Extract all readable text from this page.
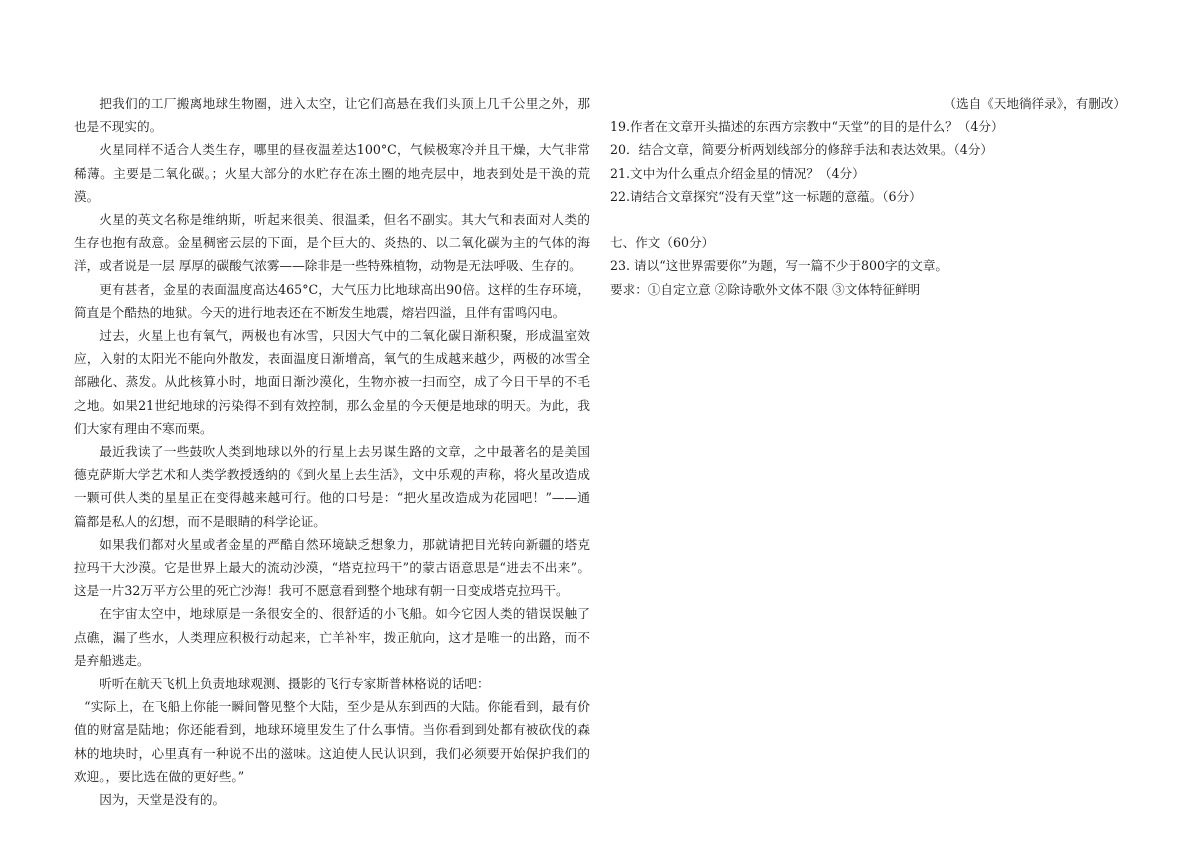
把我们的工厂搬离地球生物圈，进入太空，让它们高悬在我们头顶上几千公里之外，那也是不现实的。

火星同样不适合人类生存，哪里的昼夜温差达100°C，气候极寒冷并且干燥，大气非常稀薄。主要是二氧化碳。；火星大部分的水贮存在冻土圈的地壳层中，地表到处是干涣的荒漠。

火星的英文名称是维纳斯，听起来很美、很温柔，但名不副实。其大气和表面对人类的生存也抱有敌意。金星稠密云层的下面，是个巨大的、炎热的、以二氧化碳为主的气体的海洋，或者说是一层 厚厚的碳酸气浓雾——除非是一些特殊植物，动物是无法呼吸、生存的。

更有甚者，金星的表面温度高达465°C，大气压力比地球高出90倍。这样的生存环境，简直是个酷热的地狱。今天的进行地表还在不断发生地震，熔岩四溢，且伴有雷鸣闪电。

过去，火星上也有氧气，两极也有冰雪，只因大气中的二氧化碳日渐积聚，形成温室效应，入射的太阳光不能向外散发，表面温度日渐增高，氧气的生成越来越少，两极的冰雪全部融化、蒸发。从此核算小时，地面日渐沙漠化，生物亦被一扫而空，成了今日干旱的不毛之地。如果21世纪地球的污染得不到有效控制，那么金星的今天便是地球的明天。为此，我们大家有理由不寒而栗。

最近我读了一些鼓吹人类到地球以外的行星上去另谋生路的文章，之中最著名的是美国德克萨斯大学艺术和人类学教授透纳的《到火星上去生活》，文中乐观的声称，将火星改造成一颗可供人类的星星正在变得越来越可行。他的口号是：“把火星改造成为花园吧！”——通篇都是私人的幻想，而不是眼睛的科学论证。

如果我们都对火星或者金星的严酷自然环境缺乏想象力，那就请把目光转向新疆的塔克拉玛干大沙漠。它是世界上最大的流动沙漠，“塔克拉玛干”的蒙古语意思是“进去不出来”。这是一片32万平方公里的死亡沙海！我可不愿意看到整个地球有朝一日变成塔克拉玛干。

在宇宙太空中，地球原是一条很安全的、很舒适的小飞船。如今它因人类的错误误触了点礁，漏了些水，人类理应积极行动起来，亡羊补牢，拨正航向，这才是唯一的出路，而不是弃船逃走。

听听在航天飞机上负责地球观测、摄影的飞行专家斯普林格说的话吧：

“实际上，在飞船上你能一瞬间瞥见整个大陆，至少是从东到西的大陆。你能看到，最有价值的财富是陆地；你还能看到，地球环境里发生了什么事情。当你看到到处都有被砍伐的森林的地块时，心里真有一种说不出的滋味。这迫使人民认识到，我们必须要开始保护我们的欢迎。，要比选在做的更好些。”

因为，天堂是没有的。

（选自《天地徜徉录》，有删改）

19.作者在文章开头描述的东西方宗教中“天堂”的目的是什么？（4分）

20．结合文章，简要分析两划线部分的修辞手法和表达效果。（4分）

21.文中为什么重点介绍金星的情况？（4分）

22.请结合文章探究“没有天堂”这一标题的意蕴。（6分）

七、作文（60分）

23. 请以“这世界需要你”为题，写一篇不少于800字的文章。

要求：①自定立意 ②除诗歌外文体不限 ③文体特征鲜明
